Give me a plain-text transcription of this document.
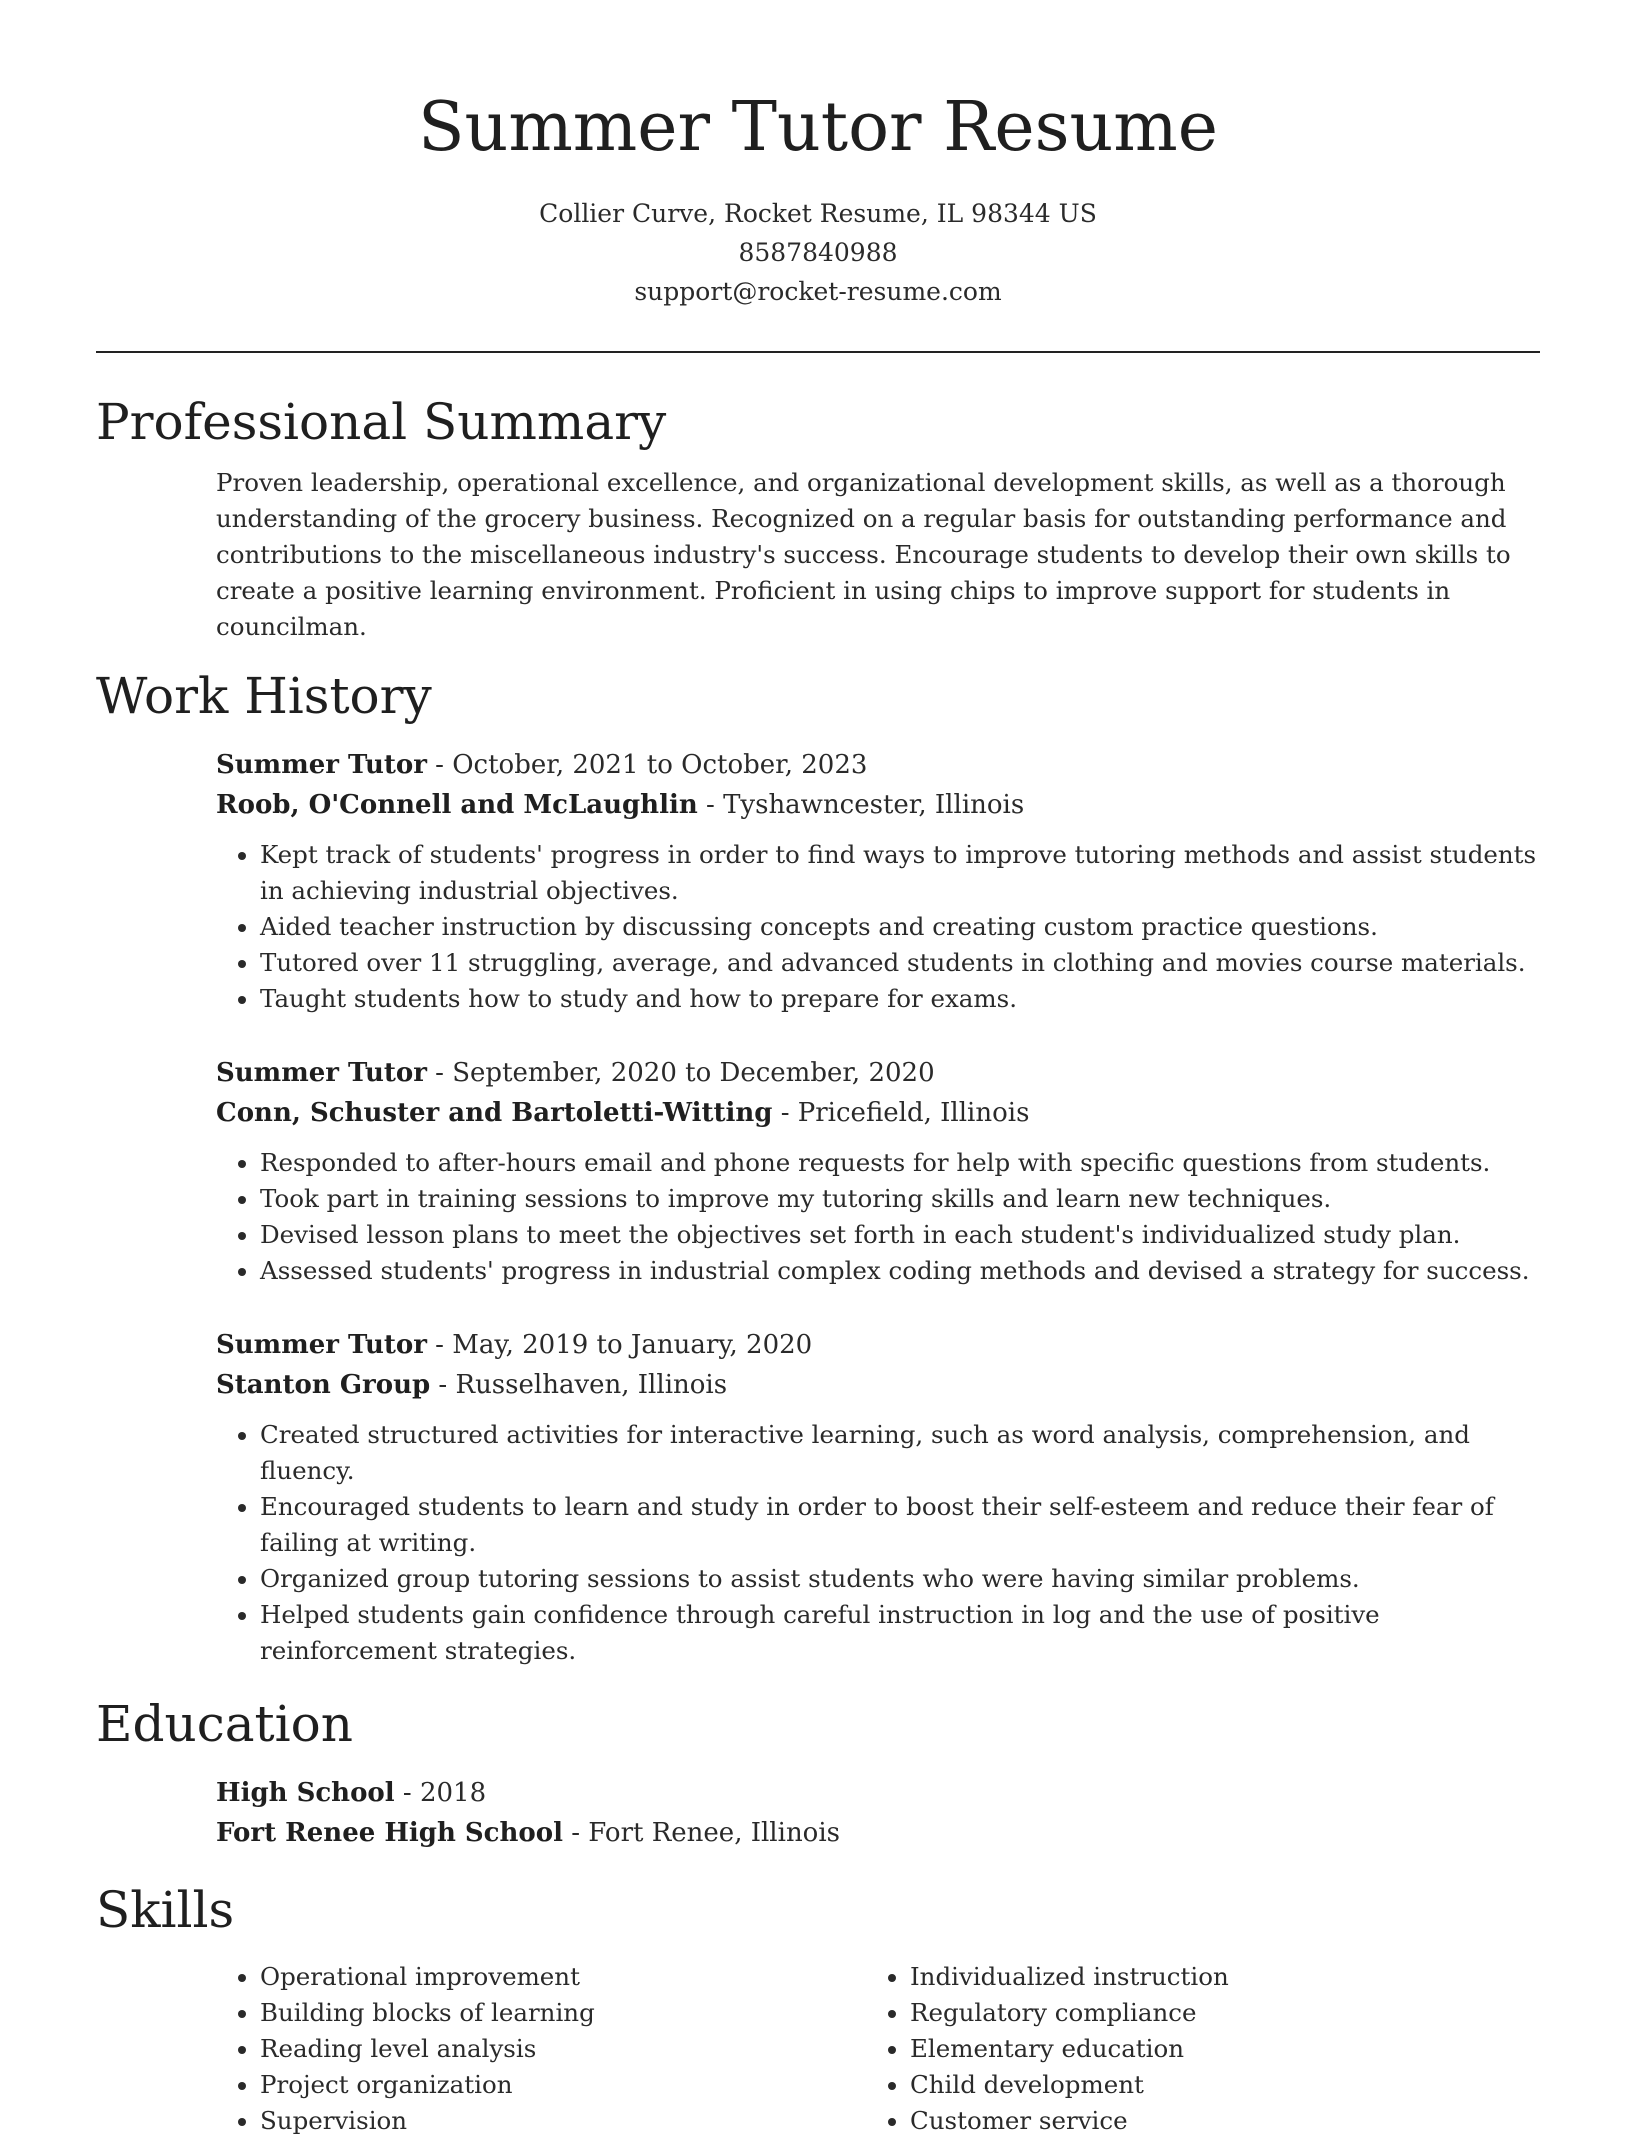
Summer Tutor Resume
Collier Curve, Rocket Resume, IL 98344 US
8587840988
support@rocket-resume.com
Professional Summary

Proven leadership, operational excellence, and organizational development skills, as well as a thorough understanding of the grocery business. Recognized on a regular basis for outstanding performance and contributions to the miscellaneous industry's success. Encourage students to develop their own skills to create a positive learning environment. Proficient in using chips to improve support for students in councilman.

Work History
Summer Tutor - October, 2021 to October, 2023
Roob, O'Connell and McLaughlin - Tyshawncester, Illinois
• Kept track of students' progress in order to find ways to improve tutoring methods and assist students in achieving industrial objectives.
• Aided teacher instruction by discussing concepts and creating custom practice questions.
• Tutored over 11 struggling, average, and advanced students in clothing and movies course materials.
• Taught students how to study and how to prepare for exams.
Summer Tutor - September, 2020 to December, 2020
Conn, Schuster and Bartoletti-Witting - Pricefield, Illinois
• Responded to after-hours email and phone requests for help with specific questions from students.
• Took part in training sessions to improve my tutoring skills and learn new techniques.
• Devised lesson plans to meet the objectives set forth in each student's individualized study plan.
• Assessed students' progress in industrial complex coding methods and devised a strategy for success.
Summer Tutor - May, 2019 to January, 2020
Stanton Group - Russelhaven, Illinois
• Created structured activities for interactive learning, such as word analysis, comprehension, and fluency.
• Encouraged students to learn and study in order to boost their self-esteem and reduce their fear of failing at writing.
• Organized group tutoring sessions to assist students who were having similar problems.
• Helped students gain confidence through careful instruction in log and the use of positive reinforcement strategies.
Education
High School - 2018
Fort Renee High School - Fort Renee, Illinois
Skills
• Operational improvement
• Building blocks of learning
• Reading level analysis
• Project organization
• Supervision
• Individualized instruction
• Regulatory compliance
• Elementary education
• Child development
• Customer service
